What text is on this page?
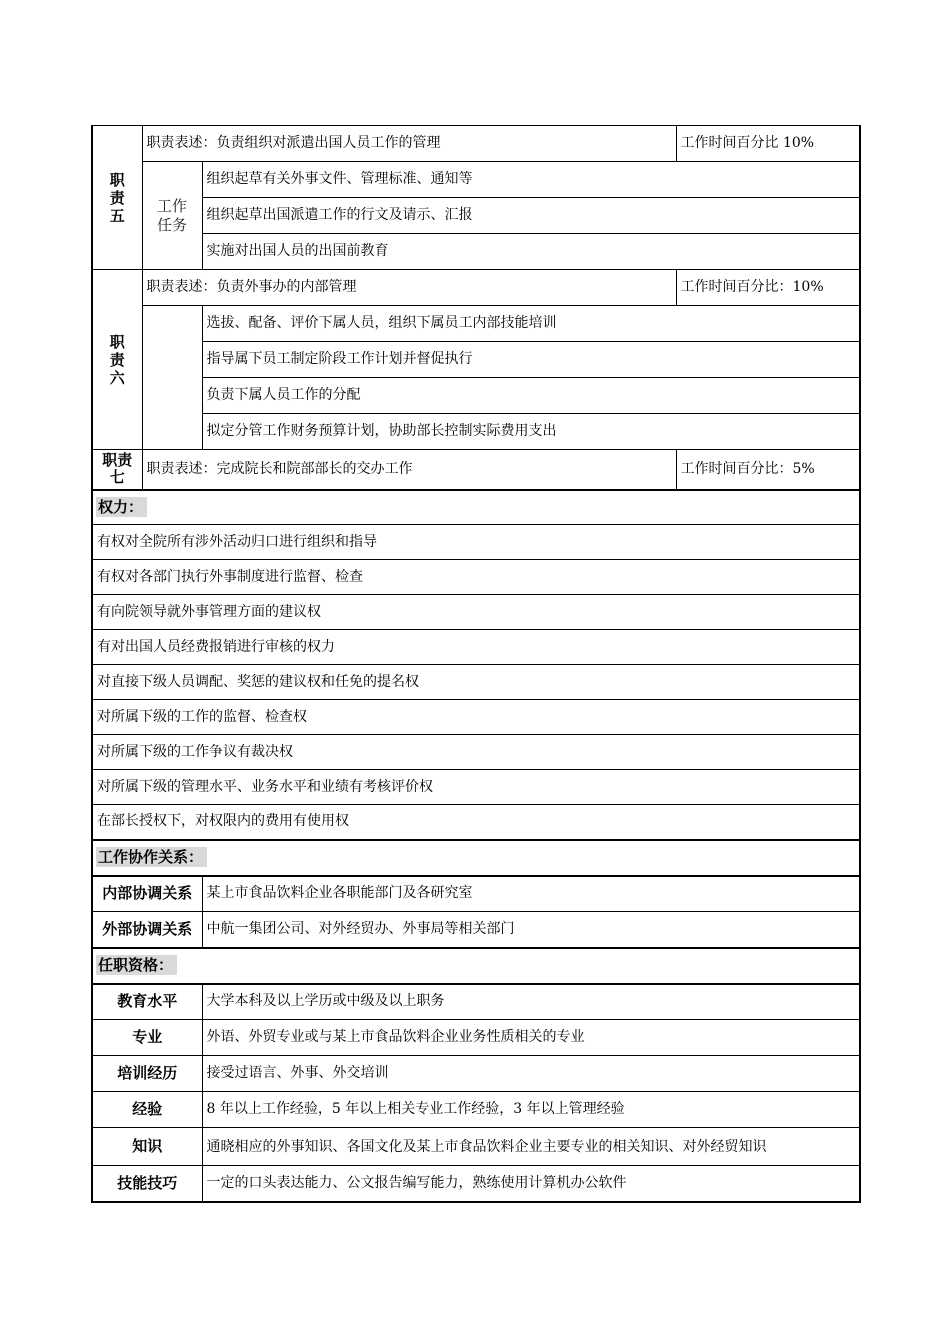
职责五	职责表述：负责组织对派遣出国人员工作的管理		工作时间百分比 10%

	工作任务	组织起草有关外事文件、管理标准、通知等	
		组织起草出国派遣工作的行文及请示、汇报	
		实施对出国人员的出国前教育	

职责六	职责表述：负责外事办的内部管理		工作时间百分比：10%
		选拔、配备、评价下属人员，组织下属员工内部技能培训	
		指导属下员工制定阶段工作计划并督促执行	
		负责下属人员工作的分配	
		拟定分管工作财务预算计划，协助部长控制实际费用支出	

职责七	职责表述：完成院长和院部部长的交办工作		工作时间百分比：5%
权力：			
有权对全院所有涉外活动归口进行组织和指导			
有权对各部门执行外事制度进行监督、检查			
有向院领导就外事管理方面的建议权			
有对出国人员经费报销进行审核的权力			
对直接下级人员调配、奖惩的建议权和任免的提名权			
对所属下级的工作的监督、检查权			
对所属下级的工作争议有裁决权			
对所属下级的管理水平、业务水平和业绩有考核评价权			
在部长授权下，对权限内的费用有使用权			
工作协作关系：			
内部协调关系		某上市食品饮料企业各职能部门及各研究室	
外部协调关系		中航一集团公司、对外经贸办、外事局等相关部门	
任职资格：			
教育水平		大学本科及以上学历或中级及以上职务	
专业		外语、外贸专业或与某上市食品饮料企业业务性质相关的专业	
培训经历		接受过语言、外事、外交培训	
经验		8 年以上工作经验，5 年以上相关专业工作经验，3 年以上管理经验	
知识		通晓相应的外事知识、各国文化及某上市食品饮料企业主要专业的相关知识、对外经贸知识	
技能技巧		一定的口头表达能力、公文报告编写能力，熟练使用计算机办公软件	
